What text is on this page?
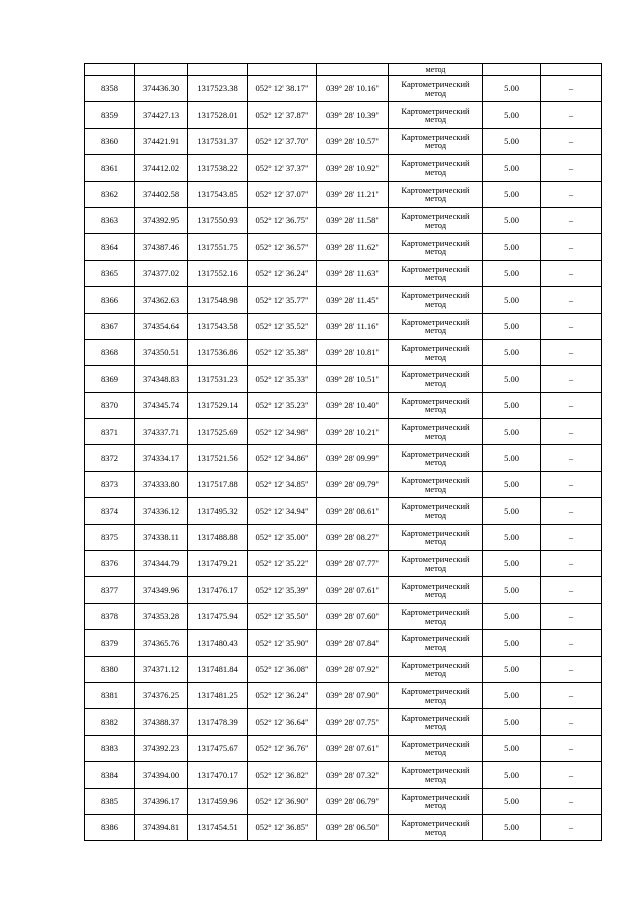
					метод		
8358	374436.30	1317523.38	052° 12' 38.17"	039° 28' 10.16"	Картометрический
метод	5.00	–
8359	374427.13	1317528.01	052° 12' 37.87"	039° 28' 10.39"	Картометрический
метод	5.00	–
8360	374421.91	1317531.37	052° 12' 37.70"	039° 28' 10.57"	Картометрический
метод	5.00	–
8361	374412.02	1317538.22	052° 12' 37.37"	039° 28' 10.92"	Картометрический
метод	5.00	–
8362	374402.58	1317543.85	052° 12' 37.07"	039° 28' 11.21"	Картометрический
метод	5.00	–
8363	374392.95	1317550.93	052° 12' 36.75"	039° 28' 11.58"	Картометрический
метод	5.00	–
8364	374387.46	1317551.75	052° 12' 36.57"	039° 28' 11.62"	Картометрический
метод	5.00	–
8365	374377.02	1317552.16	052° 12' 36.24"	039° 28' 11.63"	Картометрический
метод	5.00	–
8366	374362.63	1317548.98	052° 12' 35.77"	039° 28' 11.45"	Картометрический
метод	5.00	–
8367	374354.64	1317543.58	052° 12' 35.52"	039° 28' 11.16"	Картометрический
метод	5.00	–
8368	374350.51	1317536.86	052° 12' 35.38"	039° 28' 10.81"	Картометрический
метод	5.00	–
8369	374348.83	1317531.23	052° 12' 35.33"	039° 28' 10.51"	Картометрический
метод	5.00	–
8370	374345.74	1317529.14	052° 12' 35.23"	039° 28' 10.40"	Картометрический
метод	5.00	–
8371	374337.71	1317525.69	052° 12' 34.98"	039° 28' 10.21"	Картометрический
метод	5.00	–
8372	374334.17	1317521.56	052° 12' 34.86"	039° 28' 09.99"	Картометрический
метод	5.00	–
8373	374333.80	1317517.88	052° 12' 34.85"	039° 28' 09.79"	Картометрический
метод	5.00	–
8374	374336.12	1317495.32	052° 12' 34.94"	039° 28' 08.61"	Картометрический
метод	5.00	–
8375	374338.11	1317488.88	052° 12' 35.00"	039° 28' 08.27"	Картометрический
метод	5.00	–
8376	374344.79	1317479.21	052° 12' 35.22"	039° 28' 07.77"	Картометрический
метод	5.00	–
8377	374349.96	1317476.17	052° 12' 35.39"	039° 28' 07.61"	Картометрический
метод	5.00	–
8378	374353.28	1317475.94	052° 12' 35.50"	039° 28' 07.60"	Картометрический
метод	5.00	–
8379	374365.76	1317480.43	052° 12' 35.90"	039° 28' 07.84"	Картометрический
метод	5.00	–
8380	374371.12	1317481.84	052° 12' 36.08"	039° 28' 07.92"	Картометрический
метод	5.00	–
8381	374376.25	1317481.25	052° 12' 36.24"	039° 28' 07.90"	Картометрический
метод	5.00	–
8382	374388.37	1317478.39	052° 12' 36.64"	039° 28' 07.75"	Картометрический
метод	5.00	–
8383	374392.23	1317475.67	052° 12' 36.76"	039° 28' 07.61"	Картометрический
метод	5.00	–
8384	374394.00	1317470.17	052° 12' 36.82"	039° 28' 07.32"	Картометрический
метод	5.00	–
8385	374396.17	1317459.96	052° 12' 36.90"	039° 28' 06.79"	Картометрический
метод	5.00	–
8386	374394.81	1317454.51	052° 12' 36.85"	039° 28' 06.50"	Картометрический
метод	5.00	–
